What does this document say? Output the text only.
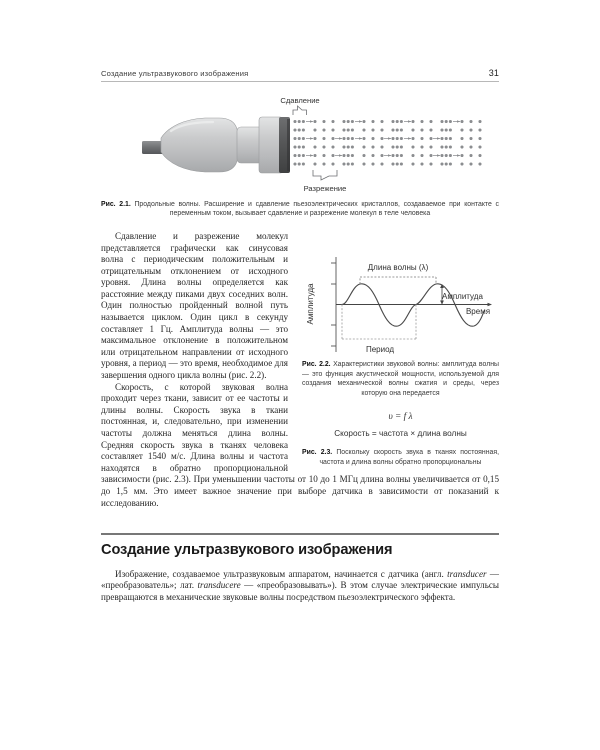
Создание ультразвукового изображения	31
Сдавление
Разрежение
Рис. 2.1. Продольные волны. Расширение и сдавление пьезоэлектрических кристаллов, создаваемое при контакте с переменным током, вызывает сдавление и разрежение молекул в теле человека
Амплитуда
Длина волны (λ)
Амплитуда
Время
Период
Рис. 2.2. Характеристики звуковой волны: амплитуда волны — это функция акустической мощности, используемой для создания механической волны сжатия и среды, через которую она передается
υ = f λ
Скорость = частота × длина волны
Рис. 2.3. Поскольку скорость звука в тканях постоянная, частота и длина волны обратно пропорциональны

Сдавление и разрежение молекул представляется графически как синусовая волна с периодическим положительным и отрицательным отклонением от исходного уровня. Длина волны определяется как расстояние между пиками двух соседних волн. Один полностью пройденный волной путь называется циклом. Один цикл в секунду составляет 1 Гц. Амплитуда волны — это максимальное отклонение в положительном или отрицательном направлении от исходного уровня, а период — это время, необходимое для завершения одного цикла волны (рис. 2.2).

Скорость, с которой звуковая волна проходит через ткани, зависит от ее частоты и длины волны. Скорость звука в ткани постоянная, и, следовательно, при изменении частоты должна меняться длина волны. Средняя скорость звука в тканях человека составляет 1540 м/с. Длина волны и частота находятся в обратно пропорциональной зависимости (рис. 2.3). При уменьшении частоты от 10 до 1 МГц длина волны увеличивается от 0,15 до 1,5 мм. Это имеет важное значение при выборе датчика в зависимости от показаний к исследованию.

Создание ультразвукового изображения

Изображение, создаваемое ультразвуковым аппаратом, начинается с датчика (англ. transducer — «преобразователь»; лат. transducere — «преобразовывать»). В этом случае электрические импульсы превращаются в механические звуковые волны посредством пьезоэлектрического эффекта.
